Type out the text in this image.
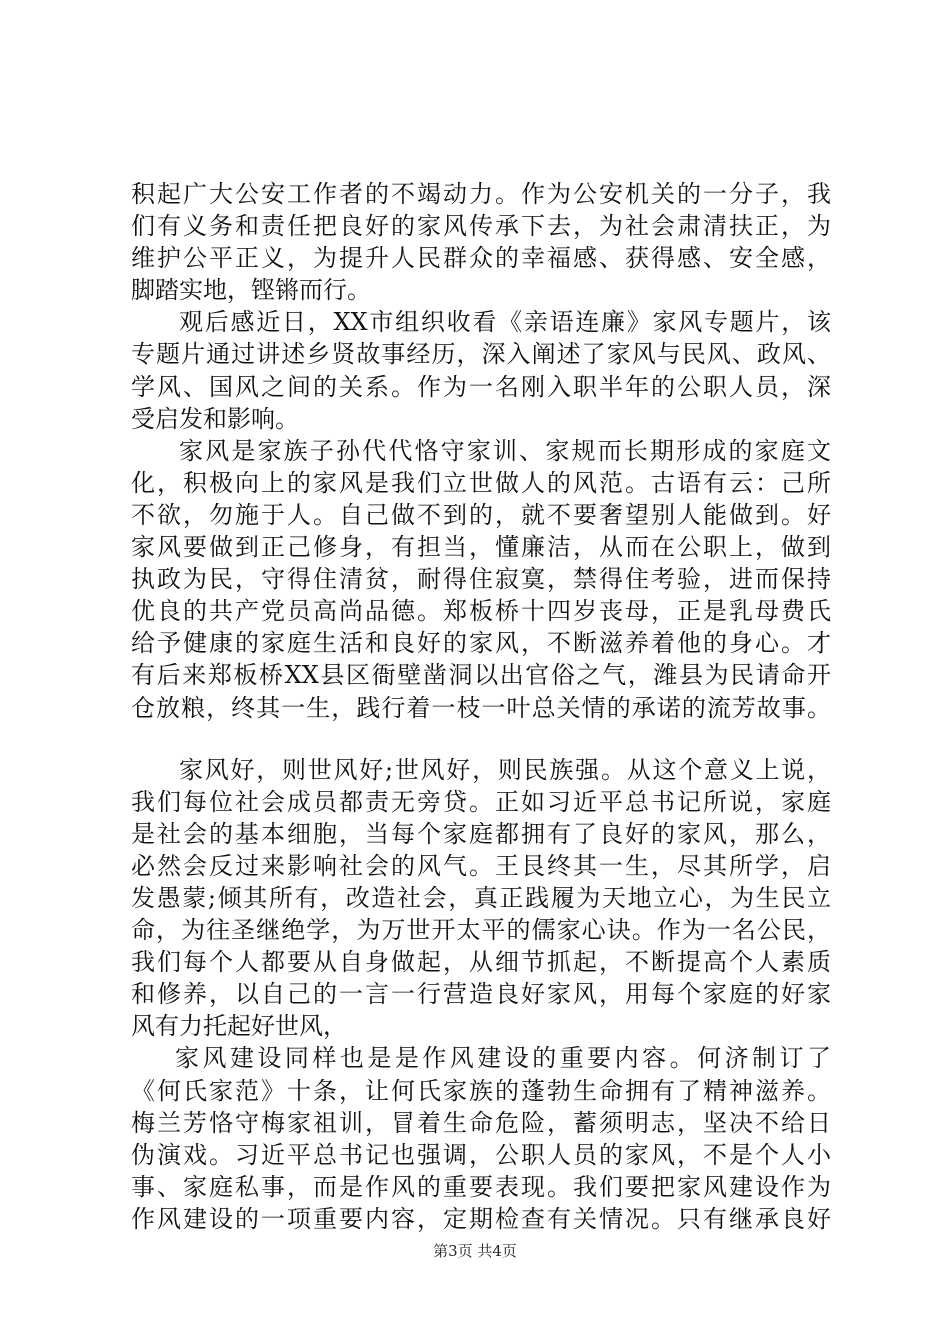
积起广大公安工作者的不竭动力。作为公安机关的一分子，我
们有义务和责任把良好的家风传承下去，为社会肃清扶正，为
维护公平正义，为提升人民群众的幸福感、获得感、安全感，
脚踏实地，铿锵而行。
观后感近日，XX市组织收看《亲语连廉》家风专题片，该
专题片通过讲述乡贤故事经历，深入阐述了家风与民风、政风、
学风、国风之间的关系。作为一名刚入职半年的公职人员，深
受启发和影响。
家风是家族子孙代代恪守家训、家规而长期形成的家庭文
化，积极向上的家风是我们立世做人的风范。古语有云：己所
不欲，勿施于人。自己做不到的，就不要奢望别人能做到。好
家风要做到正己修身，有担当，懂廉洁，从而在公职上，做到
执政为民，守得住清贫，耐得住寂寞，禁得住考验，进而保持
优良的共产党员高尚品德。郑板桥十四岁丧母，正是乳母费氏
给予健康的家庭生活和良好的家风，不断滋养着他的身心。才
有后来郑板桥XX县区衙壁凿洞以出官俗之气，潍县为民请命开
仓放粮，终其一生，践行着一枝一叶总关情的承诺的流芳故事。
家风好，则世风好;世风好，则民族强。从这个意义上说，
我们每位社会成员都责无旁贷。正如习近平总书记所说，家庭
是社会的基本细胞，当每个家庭都拥有了良好的家风，那么，
必然会反过来影响社会的风气。王艮终其一生，尽其所学，启
发愚蒙;倾其所有，改造社会，真正践履为天地立心，为生民立
命，为往圣继绝学，为万世开太平的儒家心诀。作为一名公民，
我们每个人都要从自身做起，从细节抓起，不断提高个人素质
和修养，以自己的一言一行营造良好家风，用每个家庭的好家
风有力托起好世风，
家风建设同样也是是作风建设的重要内容。何济制订了
《何氏家范》十条，让何氏家族的蓬勃生命拥有了精神滋养。
梅兰芳恪守梅家祖训，冒着生命危险，蓄须明志，坚决不给日
伪演戏。习近平总书记也强调，公职人员的家风，不是个人小
事、家庭私事，而是作风的重要表现。我们要把家风建设作为
作风建设的一项重要内容，定期检查有关情况。只有继承良好
第3页 共4页
